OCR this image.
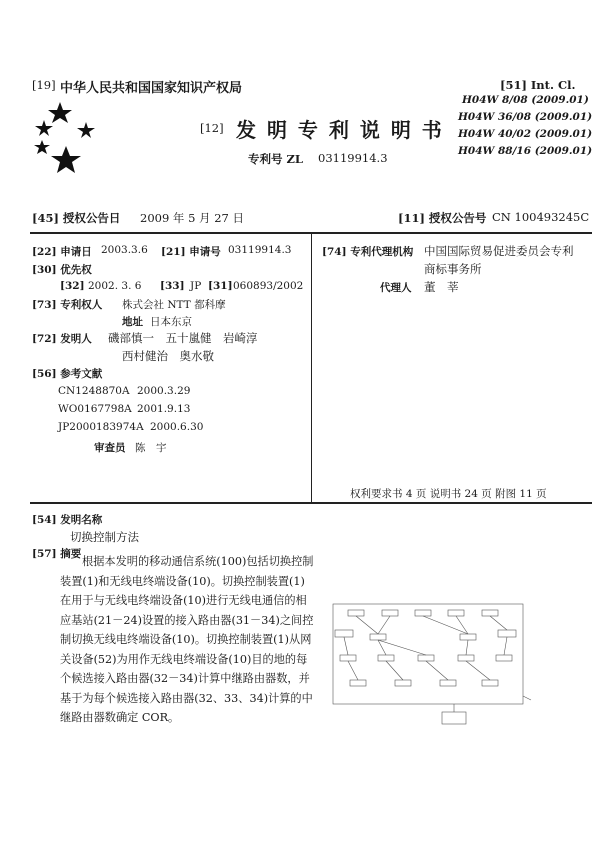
[19] 中华人民共和国国家知识产权局
[12] 发 明 专 利 说 明 书
专利号 ZL 03119914.3
[51] Int. Cl.
H04W 8/08 (2009.01)
H04W 36/08 (2009.01)
H04W 40/02 (2009.01)
H04W 88/16 (2009.01)
[45] 授权公告日 2009 年 5 月 27 日	[11] 授权公告号 CN 100493245C
[22] 申请日 2003.3.6 [21] 申请号 03119914.3
[30] 优先权
[32] 2002. 3. 6 [33] JP [31] 060893/2002
[73] 专利权人 株式会社 NTT 都科摩
地址 日本东京
[72] 发明人 磯部慎一　五十嵐健　岩崎淳
西村健治　奥水敬
[56] 参考文献
CN1248870A 2000.3.29
WO0167798A 2001.9.13
JP2000183974A 2000.6.30
审查员 陈　宇
[74] 专利代理机构 中国国际贸易促进委员会专利
商标事务所
代理人 董　莘
权利要求书 4 页 说明书 24 页 附图 11 页
[54] 发明名称
切换控制方法
[57] 摘要
根据本发明的移动通信系统(100)包括切换控制装置(1)和无线电终端设备(10)。切换控制装置(1)在用于与无线电终端设备(10)进行无线电通信的相应基站(21－24)设置的接入路由器(31－34)之间控制切换无线电终端设备(10)。切换控制装置(1)从网关设备(52)为用作无线电终端设备(10)目的地的每个候选接入路由器(32－34)计算中继路由器数，并基于为每个候选接入路由器(32、33、34)计算的中继路由器数确定 COR。
